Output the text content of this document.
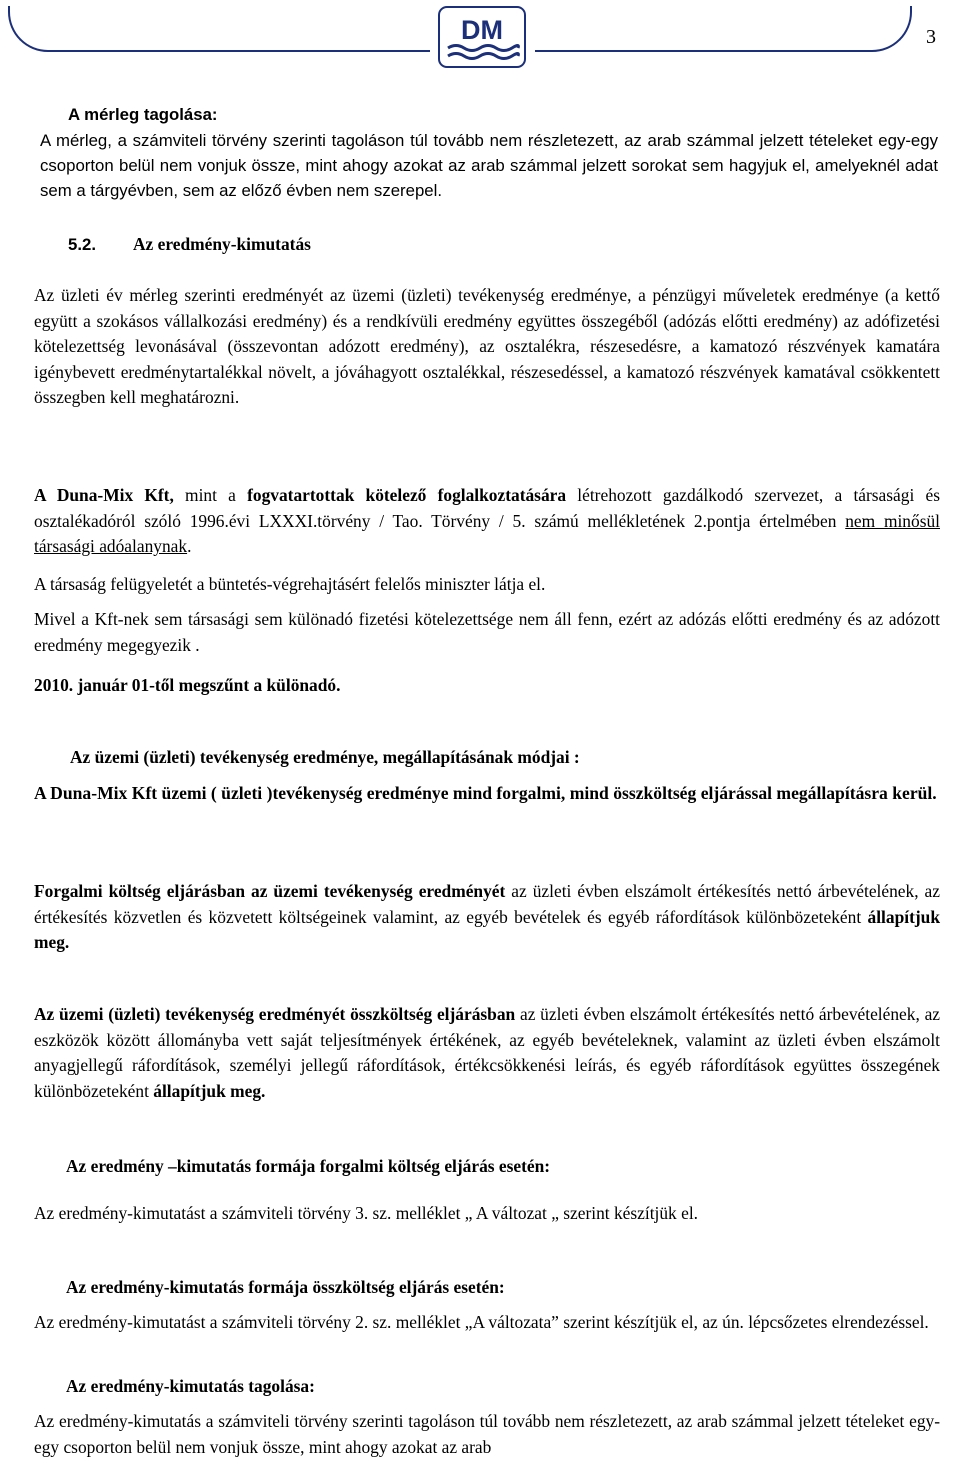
DM	3
A mérleg tagolása:
A mérleg, a számviteli törvény szerinti tagoláson túl tovább nem részletezett, az arab számmal jelzett tételeket egy-egy csoporton belül nem vonjuk össze, mint ahogy azokat az arab számmal jelzett sorokat sem hagyjuk el, amelyeknél adat sem a tárgyévben, sem az előző évben nem szerepel.
5.2.	Az eredmény-kimutatás
Az üzleti év mérleg szerinti eredményét az üzemi (üzleti) tevékenység eredménye, a pénzügyi műveletek eredménye (a kettő együtt a szokásos vállalkozási eredmény) és a rendkívüli eredmény együttes összegéből (adózás előtti eredmény) az adófizetési kötelezettség levonásával (összevontan adózott eredmény), az osztalékra, részesedésre, a kamatozó részvények kamatára igénybevett eredménytartalékkal növelt, a jóváhagyott osztalékkal, részesedéssel, a kamatozó részvények kamatával csökkentett összegben kell meghatározni.
A Duna-Mix Kft, mint a fogvatartottak kötelező foglalkoztatására létrehozott gazdálkodó szervezet, a társasági és osztalékadóról szóló 1996.évi LXXXI.törvény / Tao. Törvény / 5. számú mellékletének 2.pontja értelmében nem minősül társasági adóalanynak.
A társaság felügyeletét a büntetés-végrehajtásért felelős miniszter látja el.
Mivel a Kft-nek sem társasági sem különadó fizetési kötelezettsége nem áll fenn, ezért az adózás előtti eredmény és az adózott eredmény megegyezik .
2010. január 01-től megszűnt a különadó.
Az üzemi (üzleti) tevékenység eredménye, megállapításának módjai :
A Duna-Mix Kft üzemi ( üzleti )tevékenység eredménye mind forgalmi, mind összköltség eljárással megállapításra kerül.
Forgalmi költség eljárásban az üzemi tevékenység eredményét az üzleti évben elszámolt értékesítés nettó árbevételének, az értékesítés közvetlen és közvetett költségeinek valamint, az egyéb bevételek és egyéb ráfordítások különbözeteként állapítjuk meg.
Az üzemi (üzleti) tevékenység eredményét összköltség eljárásban az üzleti évben elszámolt értékesítés nettó árbevételének, az eszközök között állományba vett saját teljesítmények értékének, az egyéb bevételeknek, valamint az üzleti évben elszámolt anyagjellegű ráfordítások, személyi jellegű ráfordítások, értékcsökkenési leírás, és egyéb ráfordítások együttes összegének különbözeteként állapítjuk meg.
Az eredmény –kimutatás formája forgalmi költség eljárás esetén:
Az eredmény-kimutatást a számviteli törvény 3. sz. melléklet „ A változat „ szerint készítjük el.
Az eredmény-kimutatás formája összköltség eljárás esetén:
Az eredmény-kimutatást a számviteli törvény 2. sz. melléklet „A változata” szerint készítjük el, az ún. lépcsőzetes elrendezéssel.
Az eredmény-kimutatás tagolása:
Az eredmény-kimutatás a számviteli törvény szerinti tagoláson túl tovább nem részletezett, az arab számmal jelzett tételeket egy-egy csoporton belül nem vonjuk össze, mint ahogy azokat az arab
